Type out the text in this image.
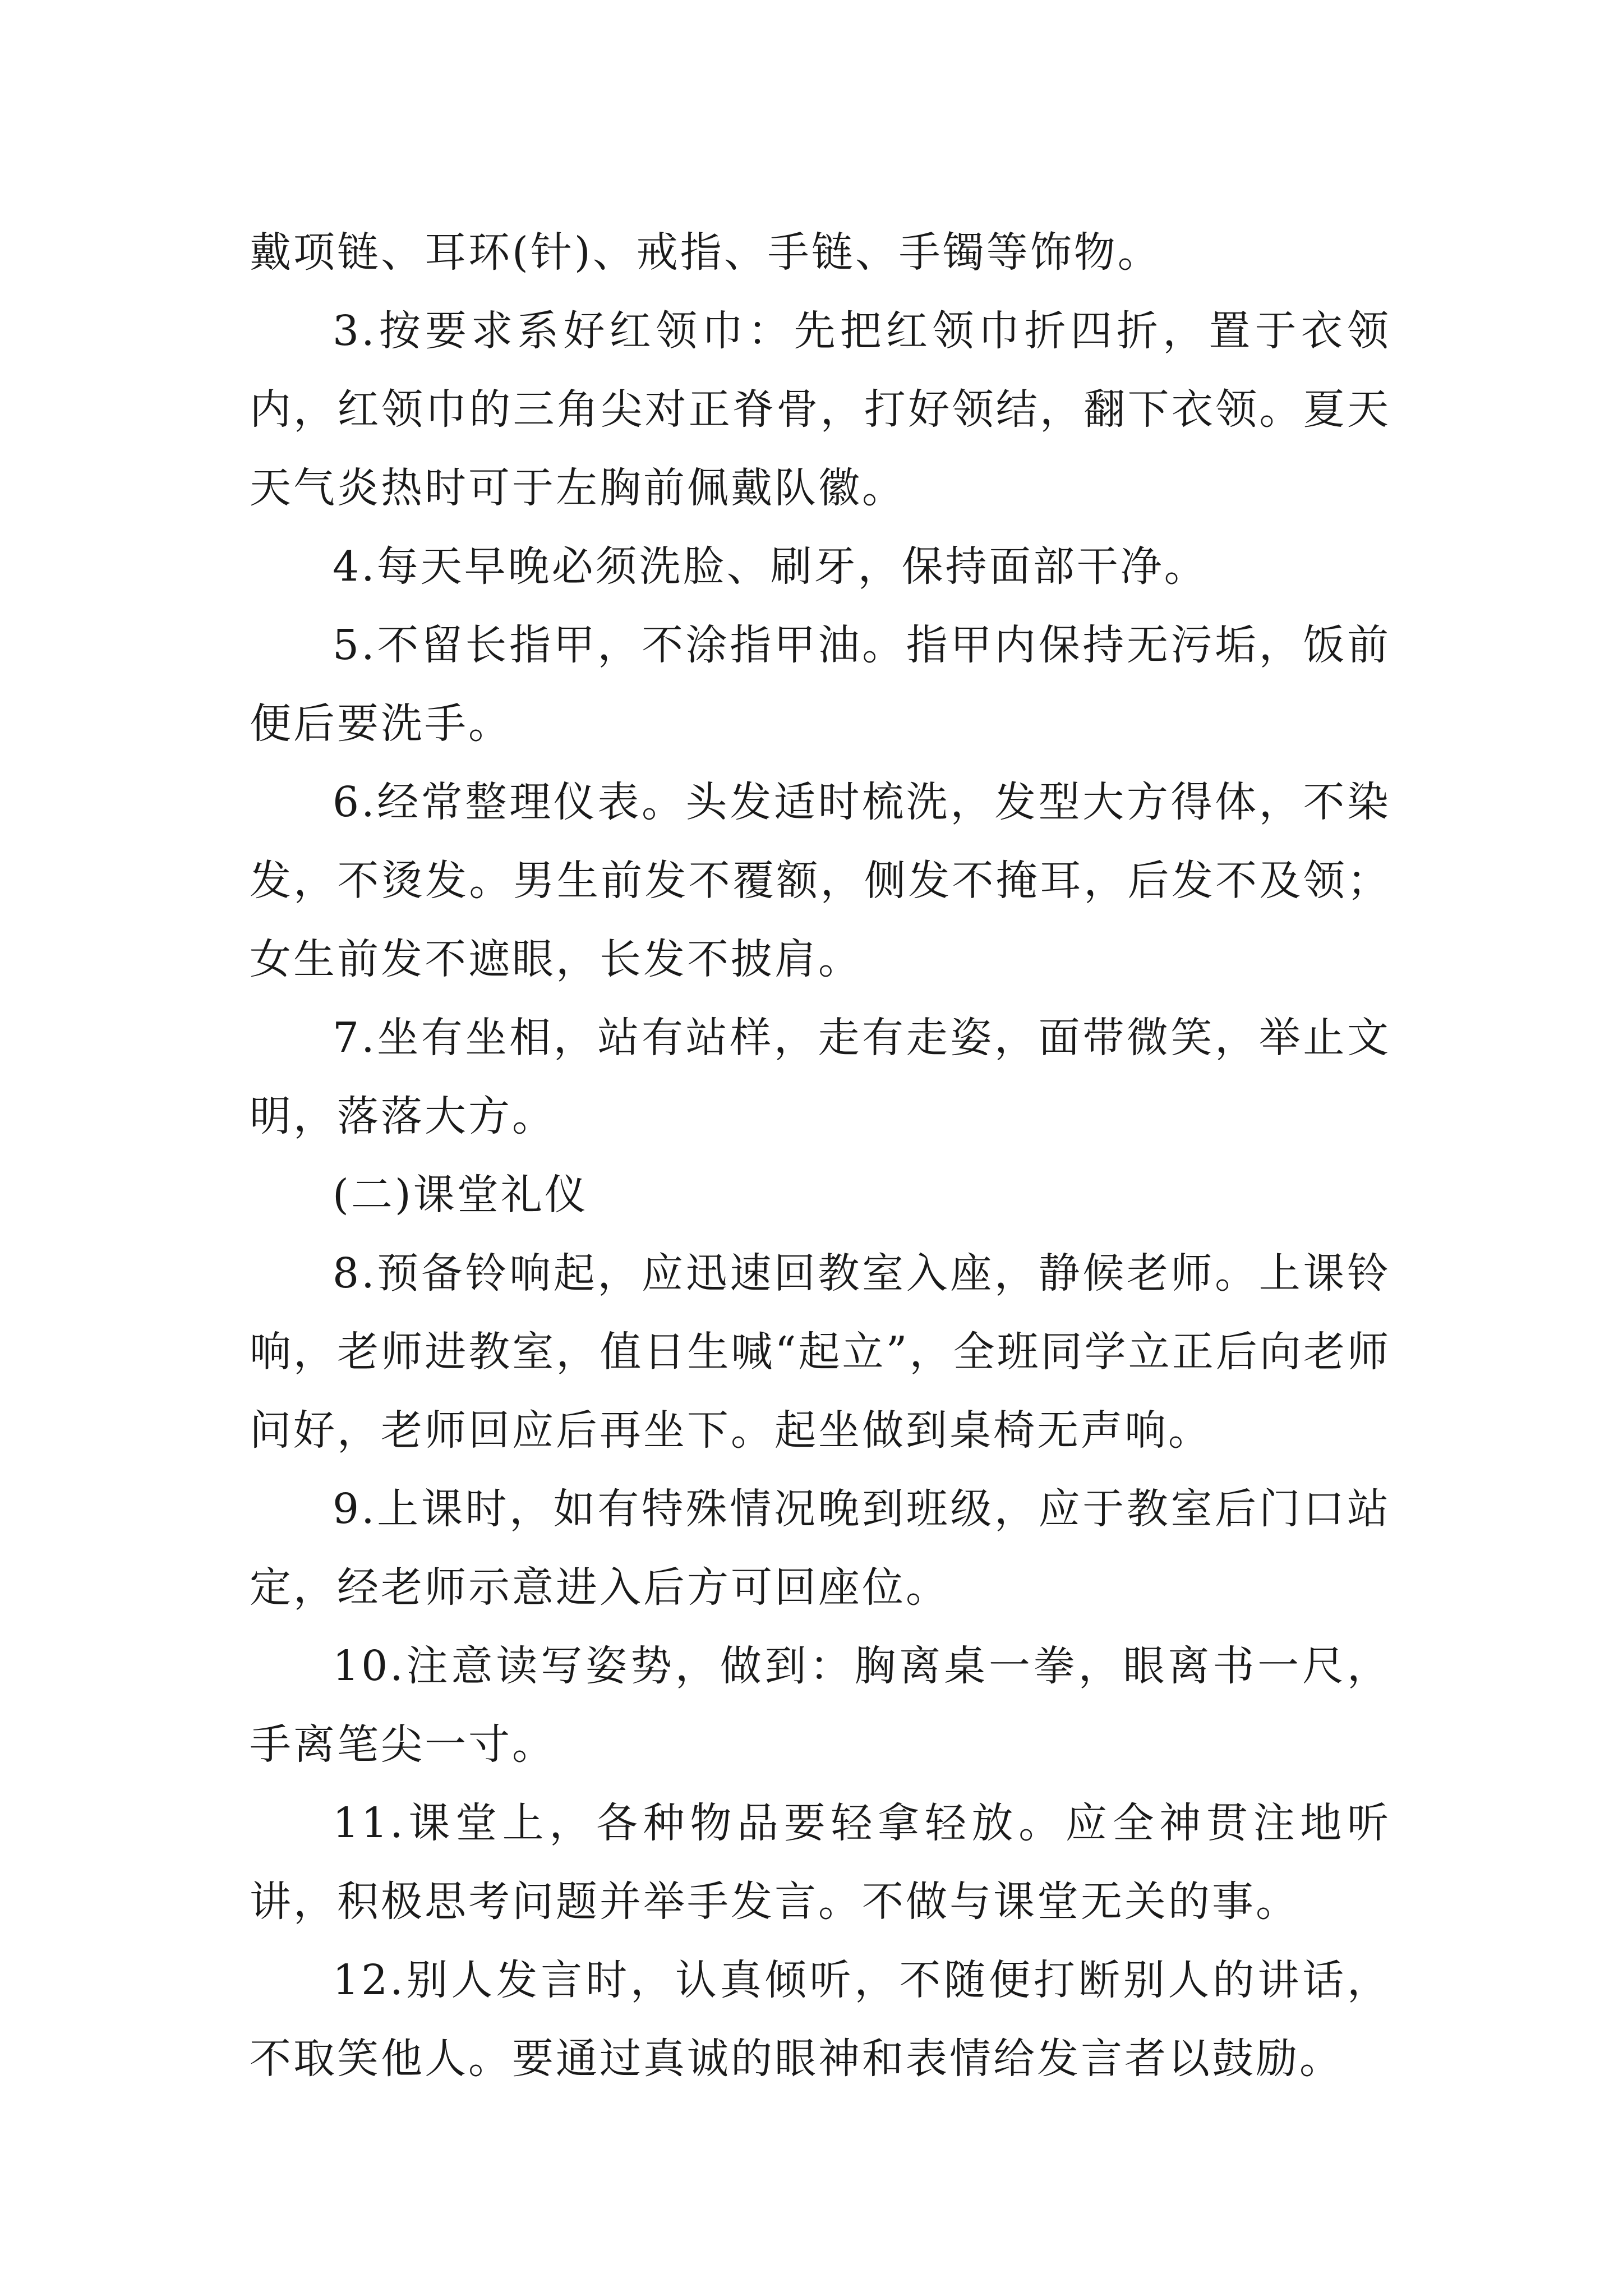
戴项链、耳环(针)、戒指、手链、手镯等饰物。

3.按要求系好红领巾：先把红领巾折四折，置于衣领内，红领巾的三角尖对正脊骨，打好领结，翻下衣领。夏天天气炎热时可于左胸前佩戴队徽。

4.每天早晚必须洗脸、刷牙，保持面部干净。

5.不留长指甲，不涂指甲油。指甲内保持无污垢，饭前便后要洗手。

6.经常整理仪表。头发适时梳洗，发型大方得体，不染发，不烫发。男生前发不覆额，侧发不掩耳，后发不及领；女生前发不遮眼，长发不披肩。

7.坐有坐相，站有站样，走有走姿，面带微笑，举止文明，落落大方。

(二)课堂礼仪

8.预备铃响起，应迅速回教室入座，静候老师。上课铃响，老师进教室，值日生喊“起立”，全班同学立正后向老师问好，老师回应后再坐下。起坐做到桌椅无声响。

9.上课时，如有特殊情况晚到班级，应于教室后门口站定，经老师示意进入后方可回座位。

10.注意读写姿势，做到：胸离桌一拳，眼离书一尺，手离笔尖一寸。

11.课堂上，各种物品要轻拿轻放。应全神贯注地听讲，积极思考问题并举手发言。不做与课堂无关的事。

12.别人发言时，认真倾听，不随便打断别人的讲话，不取笑他人。要通过真诚的眼神和表情给发言者以鼓励。
